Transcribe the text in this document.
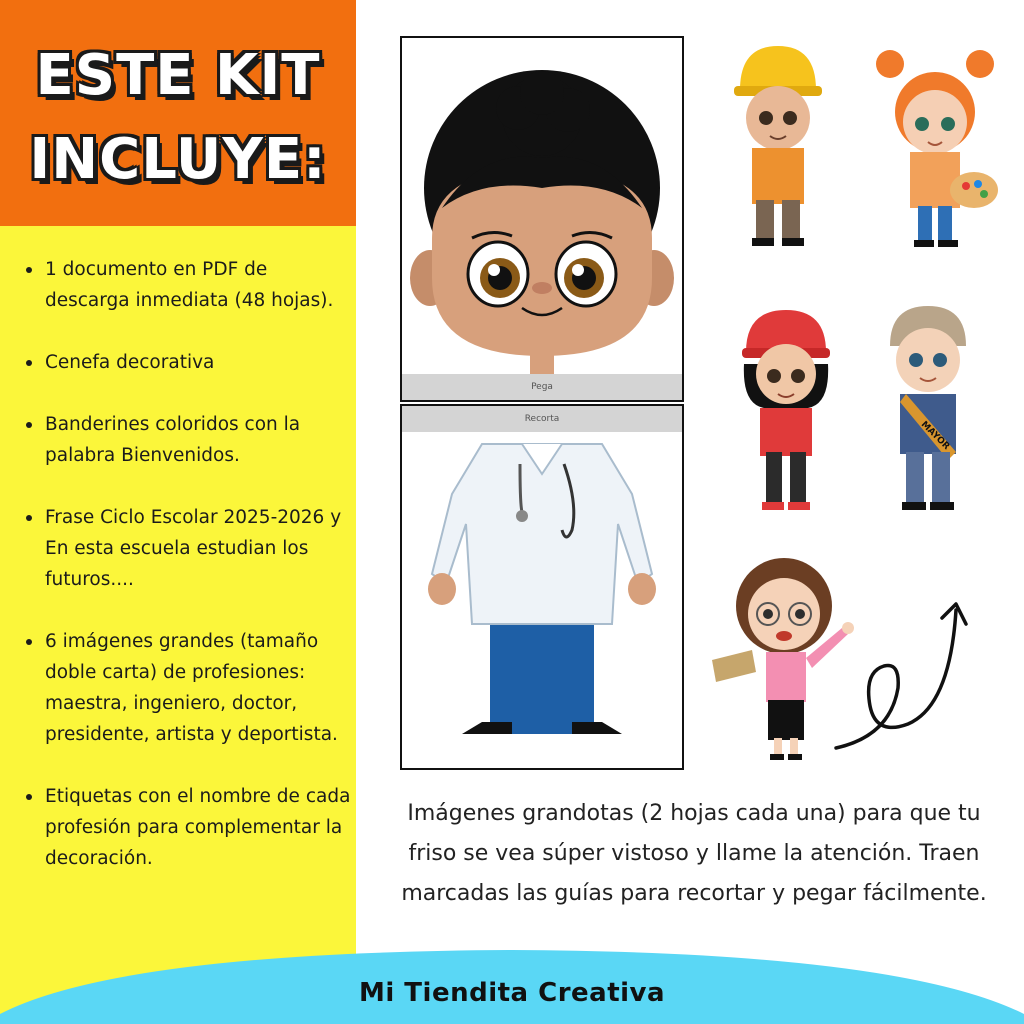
ESTE KIT
INCLUYE:
1 documento en PDF de descarga inmediata (48 hojas).
Cenefa decorativa
Banderines coloridos con la palabra Bienvenidos.
Frase Ciclo Escolar 2025-2026 y En esta escuela estudian los futuros....
6 imágenes grandes (tamaño doble carta) de profesiones: maestra, ingeniero, doctor, presidente, artista y deportista.
Etiquetas con el nombre de cada profesión para complementar la decoración.
Pega
Recorta
MAYOR

Imágenes grandotas (2 hojas cada una) para que tu friso se vea súper vistoso y llame la atención. Traen marcadas las guías para recortar y pegar fácilmente.

Mi Tiendita Creativa
